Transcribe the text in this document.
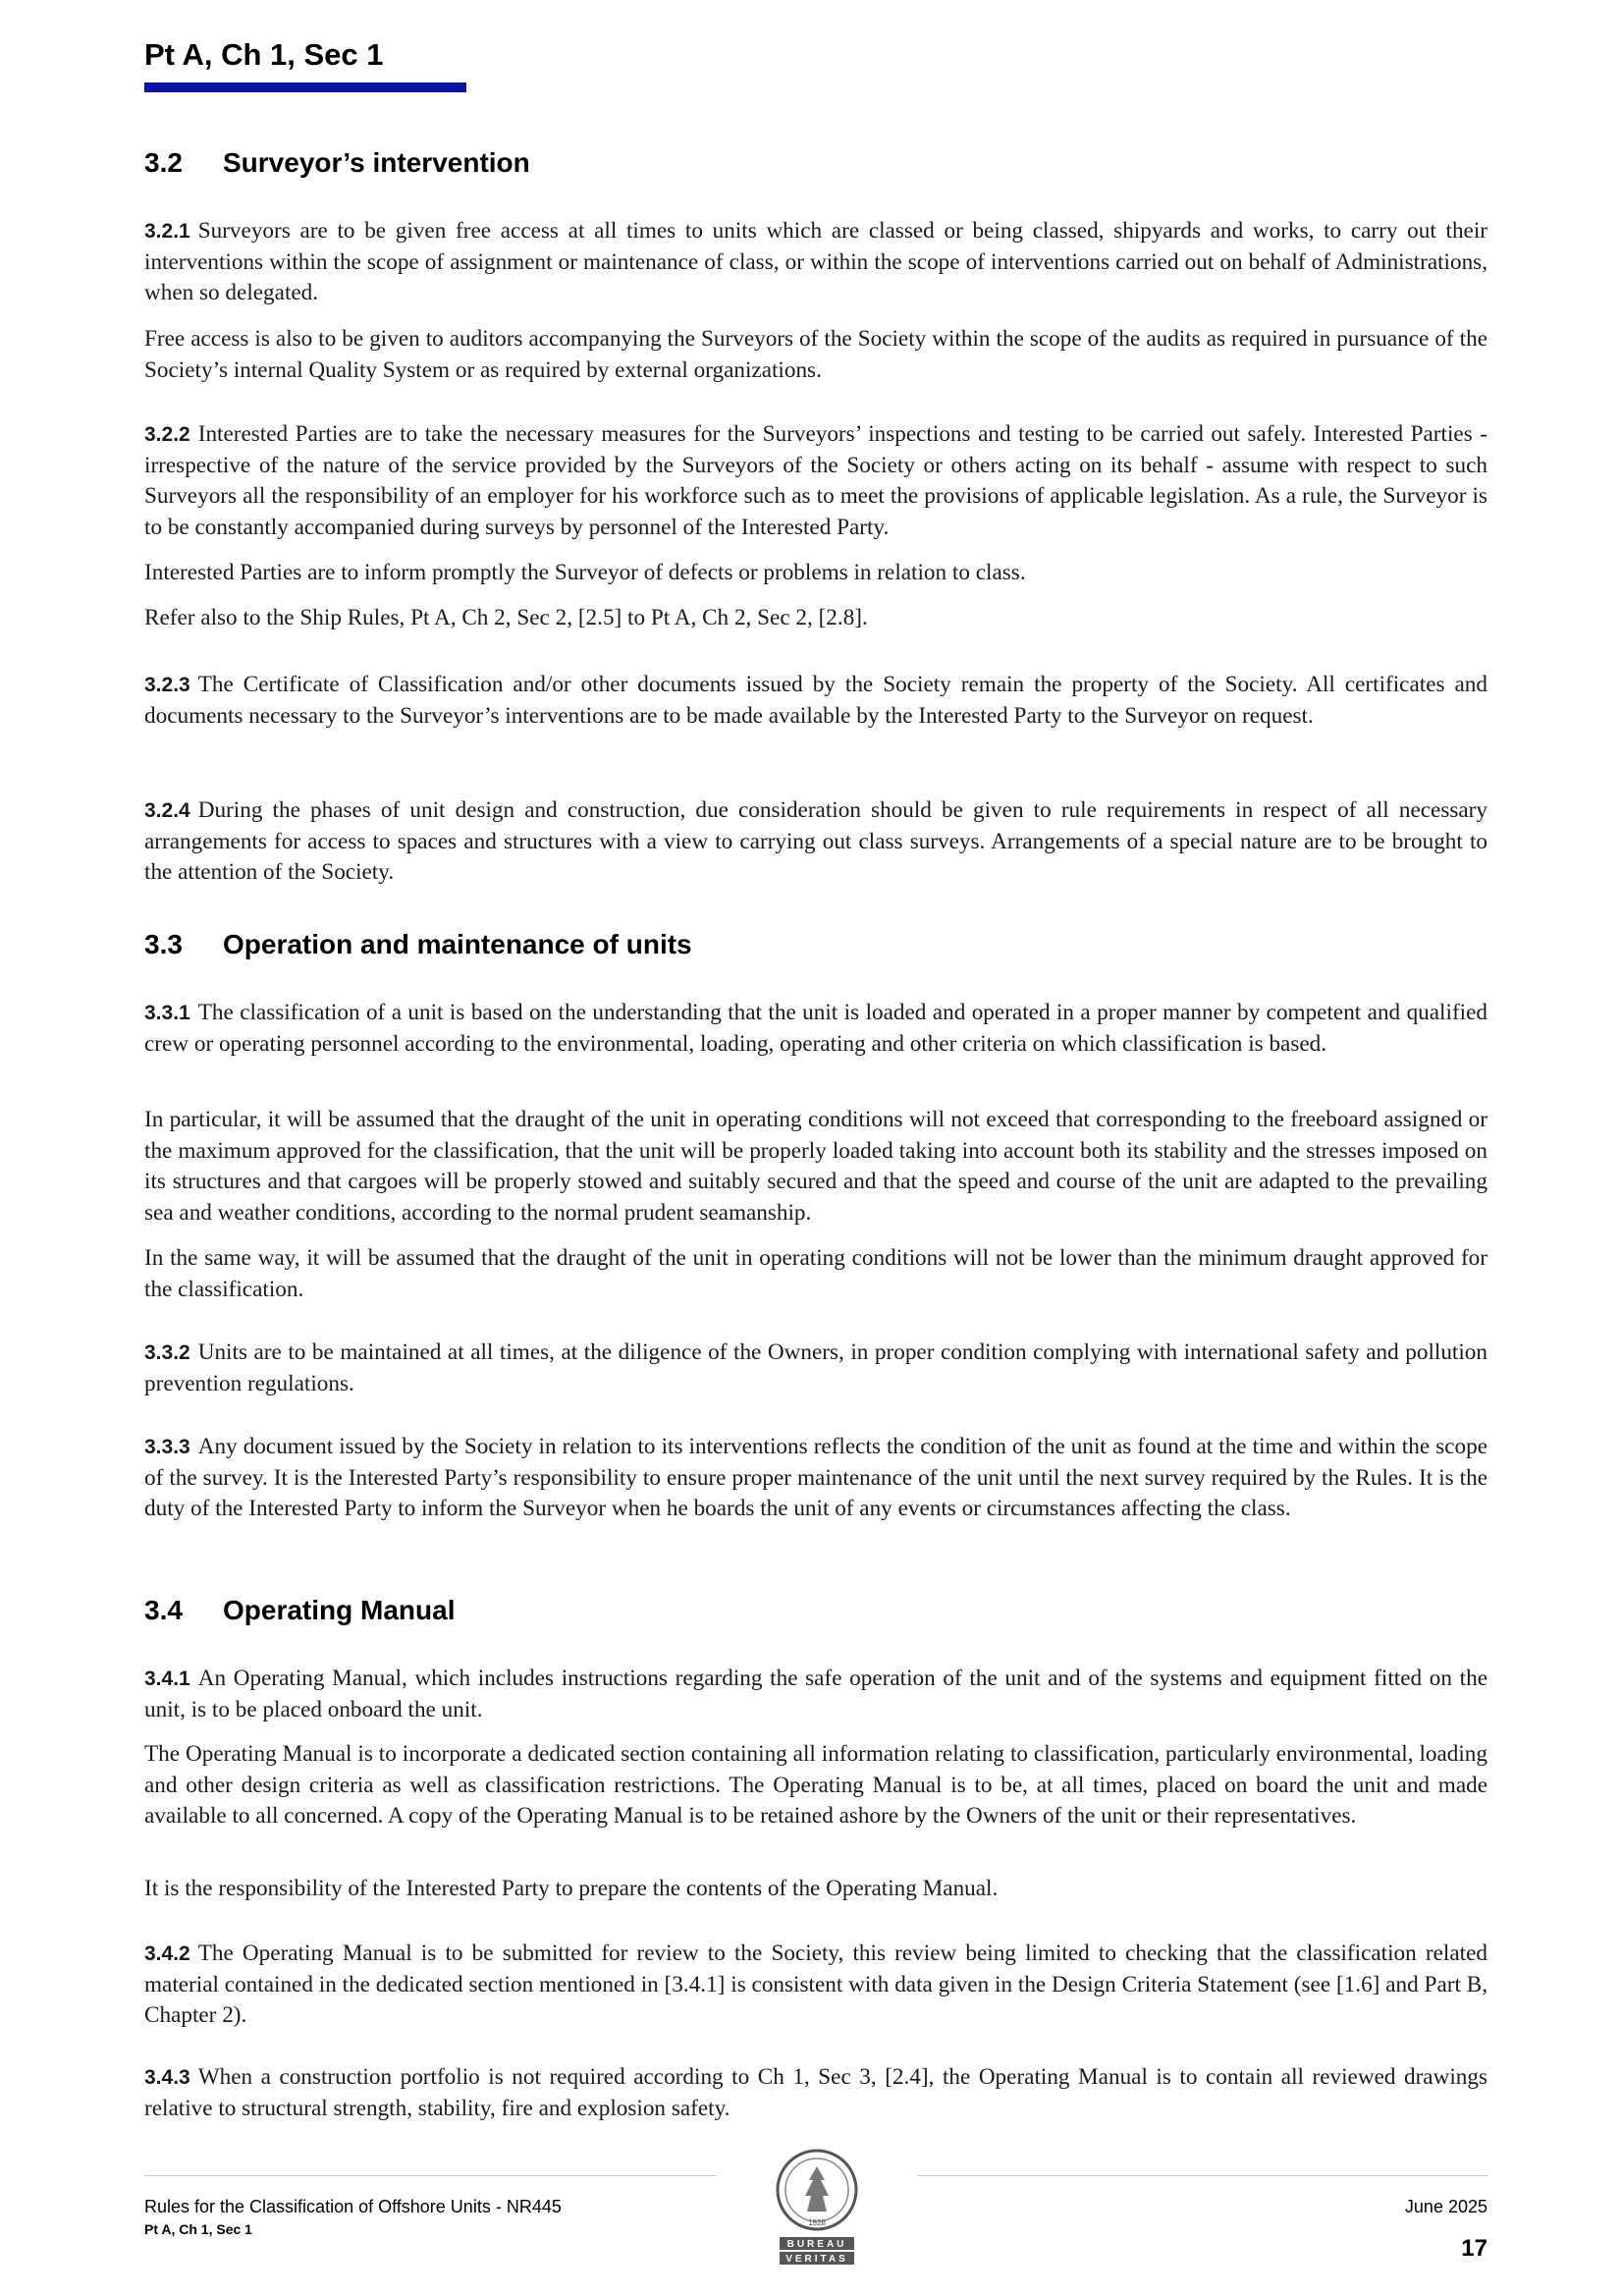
Pt A, Ch 1, Sec 1
3.2	Surveyor’s intervention

3.2.1 Surveyors are to be given free access at all times to units which are classed or being classed, shipyards and works, to carry out their interventions within the scope of assignment or maintenance of class, or within the scope of interventions carried out on behalf of Administrations, when so delegated.

Free access is also to be given to auditors accompanying the Surveyors of the Society within the scope of the audits as required in pursuance of the Society’s internal Quality System or as required by external organizations.

3.2.2 Interested Parties are to take the necessary measures for the Surveyors’ inspections and testing to be carried out safely. Interested Parties - irrespective of the nature of the service provided by the Surveyors of the Society or others acting on its behalf - assume with respect to such Surveyors all the responsibility of an employer for his workforce such as to meet the provisions of applicable legislation. As a rule, the Surveyor is to be constantly accompanied during surveys by personnel of the Interested Party.

Interested Parties are to inform promptly the Surveyor of defects or problems in relation to class.

Refer also to the Ship Rules, Pt A, Ch 2, Sec 2, [2.5] to Pt A, Ch 2, Sec 2, [2.8].

3.2.3 The Certificate of Classification and/or other documents issued by the Society remain the property of the Society. All certificates and documents necessary to the Surveyor’s interventions are to be made available by the Interested Party to the Surveyor on request.

3.2.4 During the phases of unit design and construction, due consideration should be given to rule requirements in respect of all necessary arrangements for access to spaces and structures with a view to carrying out class surveys. Arrangements of a special nature are to be brought to the attention of the Society.

3.3	Operation and maintenance of units

3.3.1 The classification of a unit is based on the understanding that the unit is loaded and operated in a proper manner by competent and qualified crew or operating personnel according to the environmental, loading, operating and other criteria on which classification is based.

In particular, it will be assumed that the draught of the unit in operating conditions will not exceed that corresponding to the freeboard assigned or the maximum approved for the classification, that the unit will be properly loaded taking into account both its stability and the stresses imposed on its structures and that cargoes will be properly stowed and suitably secured and that the speed and course of the unit are adapted to the prevailing sea and weather conditions, according to the normal prudent seamanship.

In the same way, it will be assumed that the draught of the unit in operating conditions will not be lower than the minimum draught approved for the classification.

3.3.2 Units are to be maintained at all times, at the diligence of the Owners, in proper condition complying with international safety and pollution prevention regulations.

3.3.3 Any document issued by the Society in relation to its interventions reflects the condition of the unit as found at the time and within the scope of the survey. It is the Interested Party’s responsibility to ensure proper maintenance of the unit until the next survey required by the Rules. It is the duty of the Interested Party to inform the Surveyor when he boards the unit of any events or circumstances affecting the class.

3.4	Operating Manual

3.4.1 An Operating Manual, which includes instructions regarding the safe operation of the unit and of the systems and equipment fitted on the unit, is to be placed onboard the unit.

The Operating Manual is to incorporate a dedicated section containing all information relating to classification, particularly environmental, loading and other design criteria as well as classification restrictions. The Operating Manual is to be, at all times, placed on board the unit and made available to all concerned. A copy of the Operating Manual is to be retained ashore by the Owners of the unit or their representatives.

It is the responsibility of the Interested Party to prepare the contents of the Operating Manual.

3.4.2 The Operating Manual is to be submitted for review to the Society, this review being limited to checking that the classification related material contained in the dedicated section mentioned in [3.4.1] is consistent with data given in the Design Criteria Statement (see [1.6] and Part B, Chapter 2).

3.4.3 When a construction portfolio is not required according to Ch 1, Sec 3, [2.4], the Operating Manual is to contain all reviewed drawings relative to structural strength, stability, fire and explosion safety.

1828
BUREAU
VERITAS
Rules for the Classification of Offshore Units - NR445
Pt A, Ch 1, Sec 1
June 2025
17
